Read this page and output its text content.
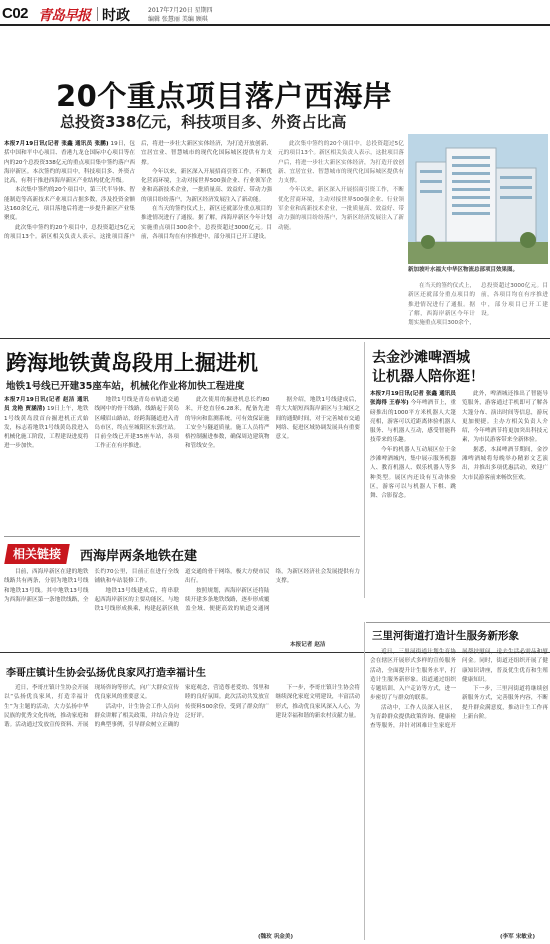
C02 青岛早报 时政	2017年7月20日 星期四
编辑 张慧丽 美编 顾琪
20个重点项目落户西海岸
总投资338亿元，科技项目多、外资占比高

本报7月19日讯(记者 张鑫 通讯员 张鹏) 19日，包括中国和平中心项目、香港九龙仓国际中心项目等在内的20个总投资338亿元的重点项目集中签约落户西海岸新区。本次签约的项目中，科技项目多、外资占比高，有利于推进西海岸新区产业结构优化升级。

本次集中签约的20个项目中，第三代半导体、智能制造等高新技术产业项目占据多数，涉及投资金额达160余亿元，项目落地后将进一步提升新区产业集聚度。

此次集中签约的20个项目中，总投资超过5亿元的项目13个。新区相关负责人表示，这批项目落户后，将进一步壮大新区实体经济，为打造开放创新、宜居宜业、智慧城市的现代化国际城区提供有力支撑。

今年以来，新区深入开展招商引资工作，不断优化营商环境，主动对接世界500强企业、行业领军企业和高新技术企业，一批质量高、效益好、带动力强的项目纷纷落户，为新区经济发展注入了新动能。

在当天的签约仪式上，新区还就部分重点项目的推进情况进行了通报。据了解，西海岸新区今年计划实施重点项目300余个，总投资超过3000亿元。目前，各项目均在有序推进中，部分项目已开工建设。

新加坡叶水福大中华区物流总部项目效果图。

此次集中签约的20个项目中，总投资超过5亿元的项目13个。新区相关负责人表示，这批项目落户后，将进一步壮大新区实体经济，为打造开放创新、宜居宜业、智慧城市的现代化国际城区提供有力支撑。

今年以来，新区深入开展招商引资工作，不断优化营商环境，主动对接世界500强企业、行业领军企业和高新技术企业，一批质量高、效益好、带动力强的项目纷纷落户，为新区经济发展注入了新动能。

在当天的签约仪式上，新区还就部分重点项目的推进情况进行了通报。据了解，西海岸新区今年计划实施重点项目300余个，总投资超过3000亿元。目前，各项目均在有序推进中，部分项目已开工建设。

跨海地铁黄岛段用上掘进机
地铁1号线已开建35座车站，机械化作业将加快工程进度

本报7月19日讯(记者 赵洁 通讯员 龙艳 贾涵清) 19日上午，地铁1号线黄岛段首台掘进机正式始发，标志着地铁1号线黄岛段进入机械化施工阶段，工程建设进度将进一步加快。

地铁1号线是青岛市轨道交通线网中的骨干线路，线路起于黄岛区峨眉山路站，经跨海隧道进入青岛市区，终点至城阳区东郭庄站。目前全线已开建35座车站，各项工作正在有序推进。

此次使用的掘进机总长约80米，开挖直径6.28米，配备先进的导向和监测系统，可有效保证施工安全与隧道质量。施工人员将严格控制掘进参数，确保周边建筑物和管线安全。

据介绍，地铁1号线建成后，将大大缩短西海岸新区与主城区之间的通勤时间，对于完善城市交通网络、促进区域协调发展具有重要意义。

去金沙滩啤酒城
让机器人陪你逛！

本报7月19日讯(记者 张鑫 通讯员 张海得 王春岑) 今年啤酒节上，重磅推出的1000平方米机器人大篷亮相，游客可以近距离体验机器人服务、与机器人互动，感受智能科技带来的乐趣。

今年的机器人互动展区位于金沙滩啤酒城内，集中展示服务机器人、教育机器人、娱乐机器人等多种类型。展区内还设有互动体验区，游客可以与机器人下棋、跳舞、合影留念。

此外，啤酒城还推出了智能导览服务，游客通过手机即可了解各大篷分布、演出时间等信息，游玩更加便捷。主办方相关负责人介绍，今年啤酒节将更加突出科技元素，为市民游客带来全新体验。

据悉，本届啤酒节期间，金沙滩啤酒城将每晚举办精彩文艺演出，并推出多项优惠活动，欢迎广大市民游客前来畅饮狂欢。

相关链接	西海岸两条地铁在建

目前，西海岸新区在建的地铁线路共有两条，分别为地铁1号线和地铁13号线。其中地铁13号线为西海岸新区第一条地铁线路，全长约70公里，目前正在进行全线铺轨和车站装修工作。

地铁13号线建成后，将串联起西海岸新区的主要功能区，与地铁1号线形成换乘，构建起新区轨道交通的骨干网络，极大方便市民出行。

按照规划，西海岸新区还将陆续开建多条地铁线路，逐步形成覆盖全域、便捷高效的轨道交通网络，为新区经济社会发展提供有力支撑。

本报记者 赵洁
三里河街道打造计生服务新形象
李哥庄镇计生协会弘扬优良家风打造幸福计生

近日，李哥庄镇计生协会开展以“弘扬优良家风，打造幸福计生”为主题的活动，大力弘扬中华民族的优秀文化传统，推动家庭和谐。活动通过发放宣传资料、开展现场咨询等形式，向广大群众宣传优良家风的重要意义。

活动中，计生协会工作人员向群众讲解了相关政策，并结合身边的典型事例，引导群众树立正确的家庭观念，营造尊老爱幼、邻里和睦的良好氛围。此次活动共发放宣传资料500余份，受到了群众的广泛好评。

下一步，李哥庄镇计生协会将继续深化家庭文明建设，丰富活动形式，推动优良家风深入人心，为建设幸福和谐的新农村贡献力量。

(魏玫 巩金美)

近日，三里河街道计划生育协会在辖区开展形式多样的宣传服务活动，全面提升计生服务水平，打造计生服务新形象。街道通过组织专题培训、入户走访等方式，进一步密切了与群众的联系。

活动中，工作人员深入社区，为育龄群众提供政策咨询、健康检查等服务，并针对困难计生家庭开展帮扶慰问，送去生活必需品和慰问金。同时，街道还组织开展了健康知识讲座，普及优生优育和生殖健康知识。

下一步，三里河街道将继续创新服务方式，完善服务内容，不断提升群众满意度，推动计生工作再上新台阶。

(李军 宋敏业)
